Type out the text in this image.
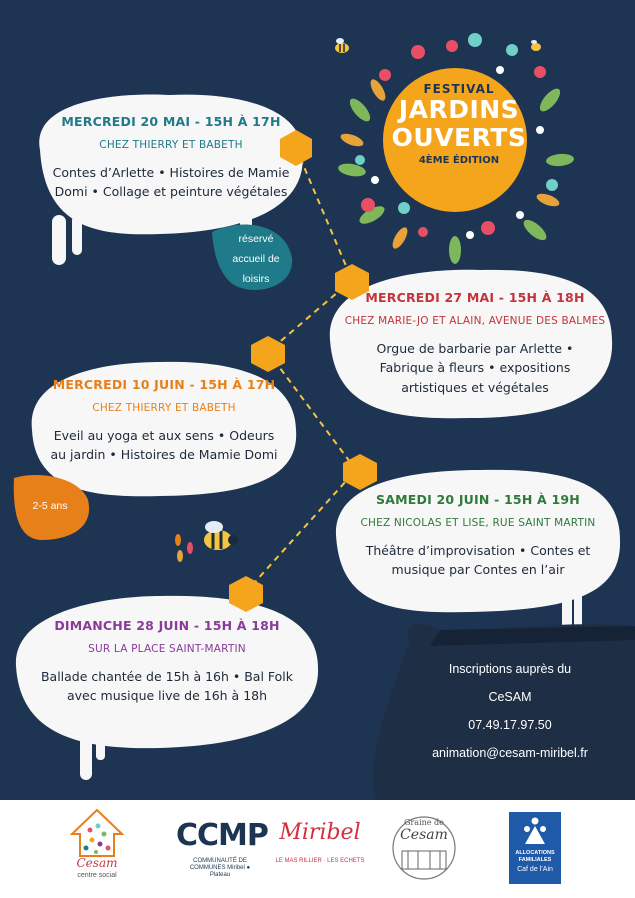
FESTIVAL
JARDINS
OUVERTS
4ÈME ÉDITION
MERCREDI 20 MAI - 15H À 17H
CHEZ THIERRY ET BABETH
Contes d’Arlette • Histoires de Mamie
Domi • Collage et peinture végétales
réservé
accueil de
loisirs
MERCREDI 27 MAI - 15H À 18H
CHEZ MARIE-JO ET ALAIN, AVENUE DES BALMES
Orgue de barbarie par Arlette •
Fabrique à fleurs • expositions
artistiques et végétales
MERCREDI 10 JUIN - 15H À 17H
CHEZ THIERRY ET BABETH
Eveil au yoga et aux sens • Odeurs
au jardin • Histoires de Mamie Domi
2-5 ans	SAMEDI 20 JUIN - 15H À 19H
CHEZ NICOLAS ET LISE, RUE SAINT MARTIN
Théâtre d’improvisation • Contes et
musique par Contes en l’air
DIMANCHE 28 JUIN - 15H À 18H
SUR LA PLACE SAINT-MARTIN
Ballade chantée de 15h à 16h • Bal Folk
avec musique live de 16h à 18h
Inscriptions auprès du
CeSAM
07.49.17.97.50
animation@cesam-miribel.fr
Cesam
centre social
CCMP
COMMUNAUTÉ DE COMMUNES Miribel ● Plateau
Miribel
LE MAS RILLIER · LES ECHETS
Graine de
Cesam
ALLOCATIONS FAMILIALES
Caf de l’Ain
